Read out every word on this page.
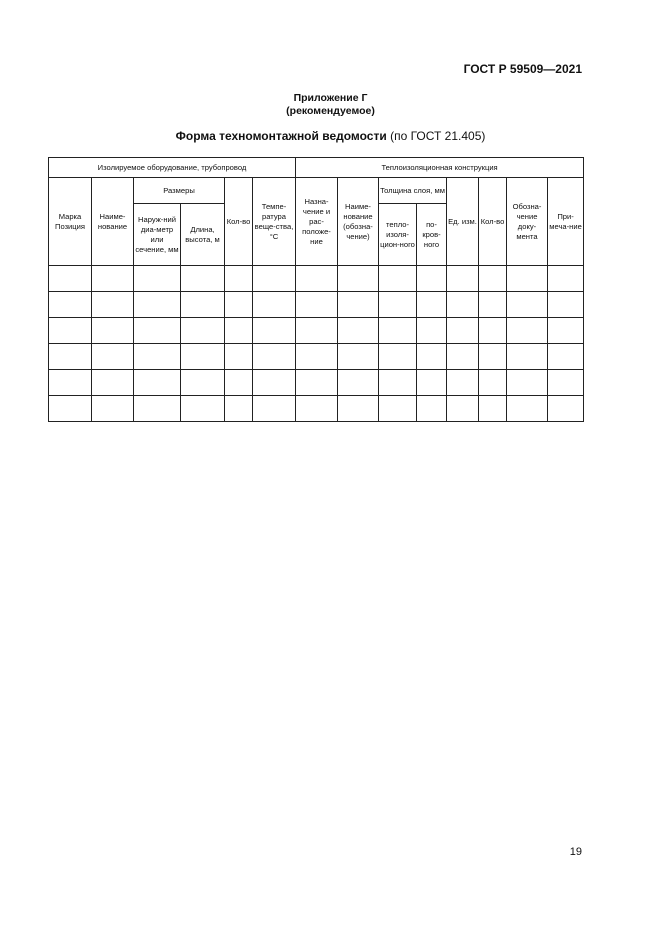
ГОСТ Р 59509—2021
Приложение Г
(рекомендуемое)
Форма техномонтажной ведомости (по ГОСТ 21.405)
Изолируемое оборудование, трубопровод						Теплоизоляционная конструкция							
Марка Позиция	Наиме-нование	Размеры		Кол-во	Темпе-ратура веще-ства, °C	Назна-чение и рас-положе-ние	Наиме-нование (обозна-чение)	Толщина слоя, мм		Ед. изм.	Кол-во	Обозна-чение доку-мента	При-меча-ние
		Наруж-ний диа-метр или сечение, мм	Длина, высота, м					тепло-изоля-цион-ного	по-кров-ного				

19
